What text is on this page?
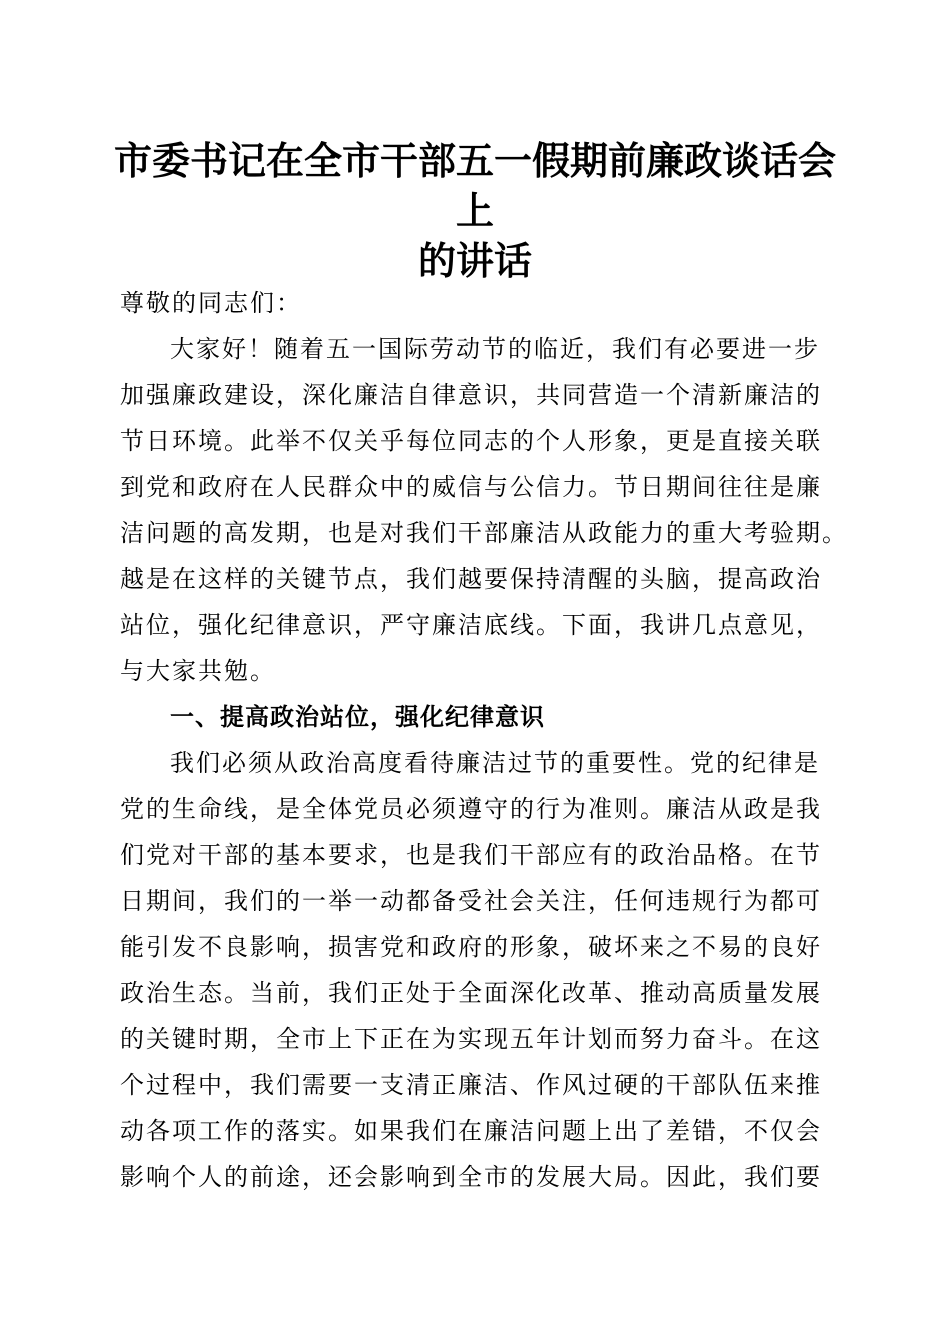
市委书记在全市干部五一假期前廉政谈话会上
的讲话
尊敬的同志们：
大家好！随着五一国际劳动节的临近，我们有必要进一步
加强廉政建设，深化廉洁自律意识，共同营造一个清新廉洁的
节日环境。此举不仅关乎每位同志的个人形象，更是直接关联
到党和政府在人民群众中的威信与公信力。节日期间往往是廉
洁问题的高发期，也是对我们干部廉洁从政能力的重大考验期。
越是在这样的关键节点，我们越要保持清醒的头脑，提高政治
站位，强化纪律意识，严守廉洁底线。下面，我讲几点意见，
与大家共勉。
一、提高政治站位，强化纪律意识
我们必须从政治高度看待廉洁过节的重要性。党的纪律是
党的生命线，是全体党员必须遵守的行为准则。廉洁从政是我
们党对干部的基本要求，也是我们干部应有的政治品格。在节
日期间，我们的一举一动都备受社会关注，任何违规行为都可
能引发不良影响，损害党和政府的形象，破坏来之不易的良好
政治生态。当前，我们正处于全面深化改革、推动高质量发展
的关键时期，全市上下正在为实现五年计划而努力奋斗。在这
个过程中，我们需要一支清正廉洁、作风过硬的干部队伍来推
动各项工作的落实。如果我们在廉洁问题上出了差错，不仅会
影响个人的前途，还会影响到全市的发展大局。因此，我们要
